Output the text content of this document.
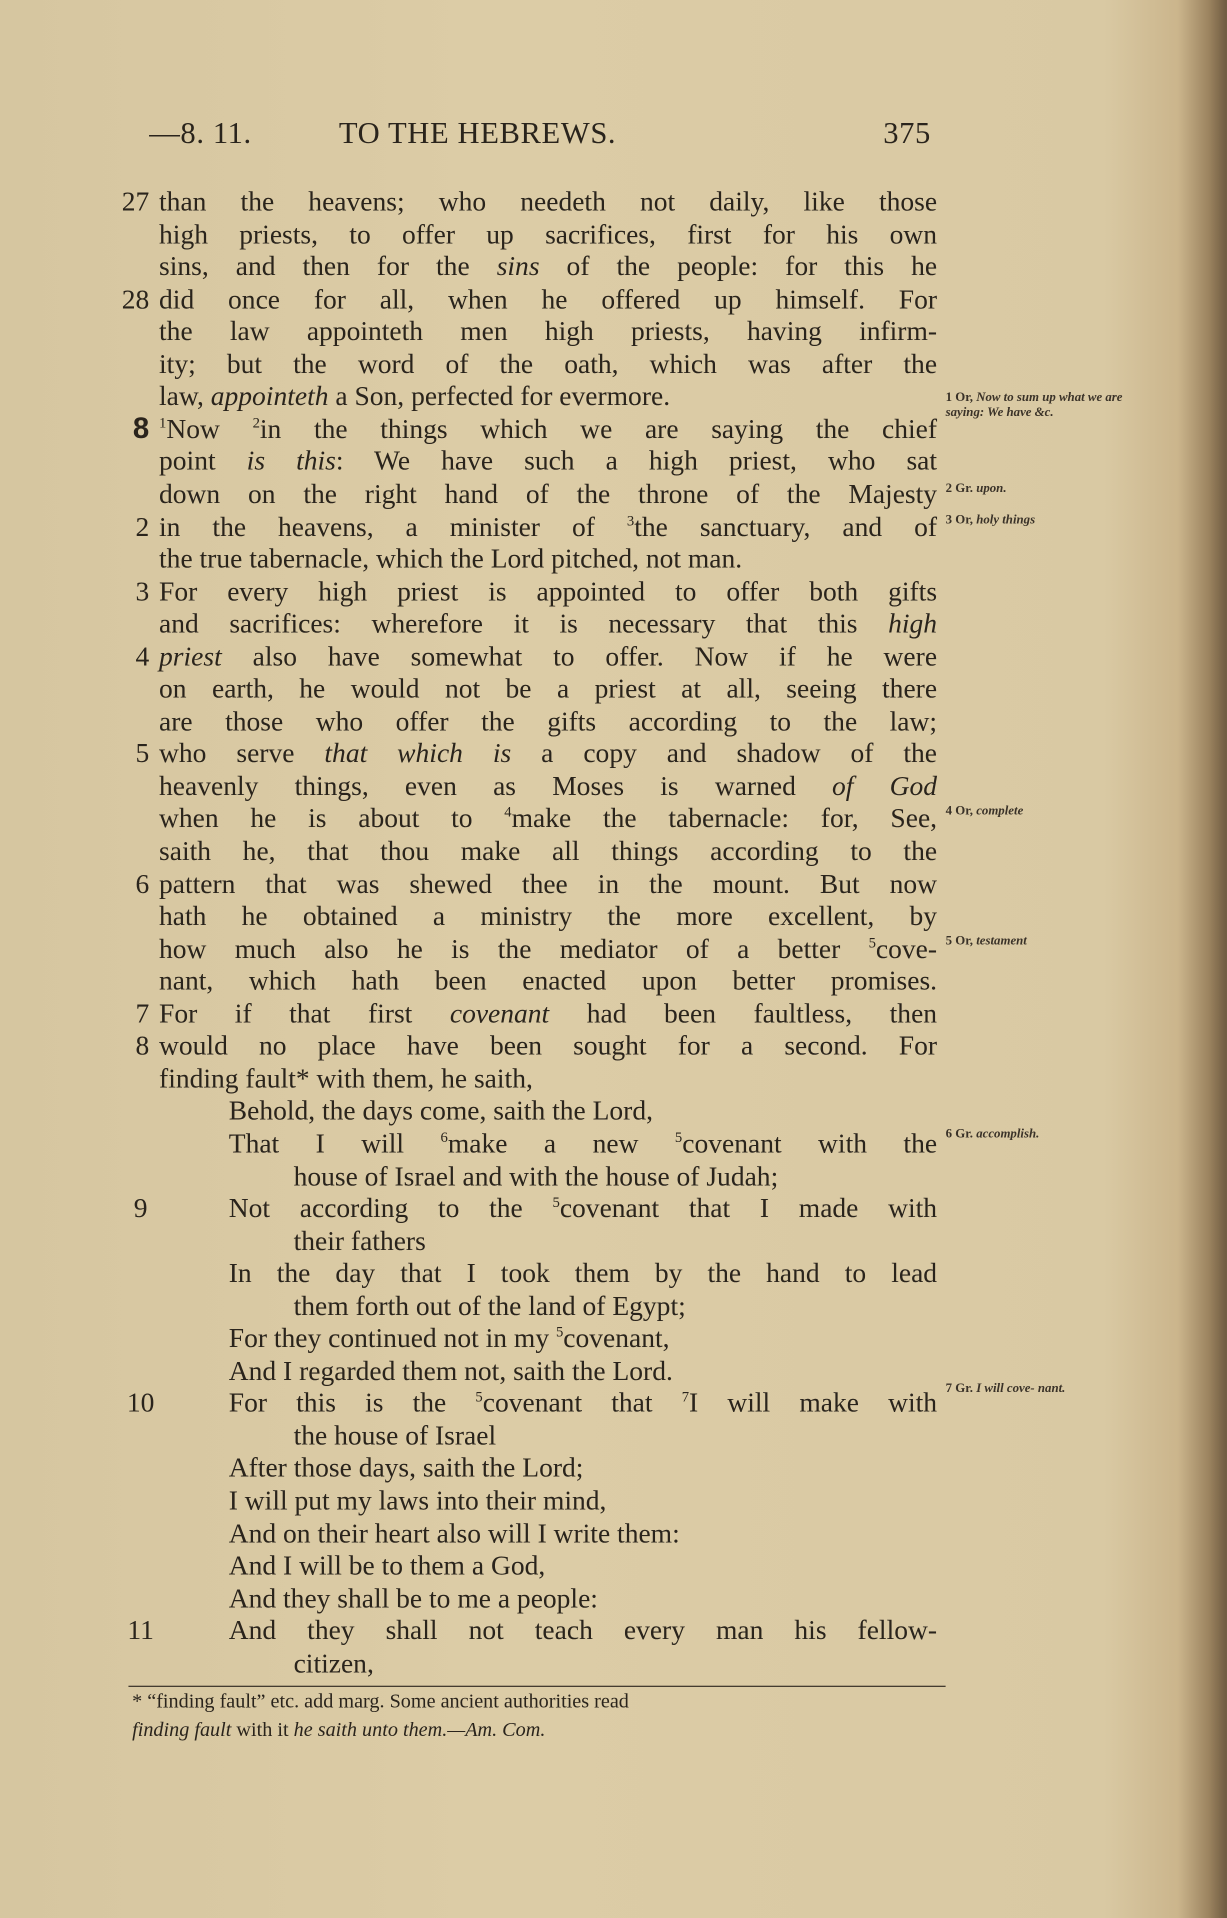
—8. 11.	TO THE HEBREWS.	375
than the heavens; who needeth not daily, like those
27
high priests, to offer up sacrifices, first for his own
sins, and then for the sins of the people: for this he
did once for all, when he offered up himself. For
28
the law appointeth men high priests, having infirm-
ity; but the word of the oath, which was after the
law, appointeth a Son, perfected for evermore.
$^1$Now $^2$in the things which we are saying the chief
8
point is this: We have such a high priest, who sat
down on the right hand of the throne of the Majesty
in the heavens, a minister of $^3$the sanctuary, and of
2
the true tabernacle, which the Lord pitched, not man.
For every high priest is appointed to offer both gifts
3
and sacrifices: wherefore it is necessary that this high
priest also have somewhat to offer. Now if he were
4
on earth, he would not be a priest at all, seeing there
are those who offer the gifts according to the law;
who serve that which is a copy and shadow of the
5
heavenly things, even as Moses is warned of God
when he is about to $^4$make the tabernacle: for, See,
saith he, that thou make all things according to the
pattern that was shewed thee in the mount. But now
6
hath he obtained a ministry the more excellent, by
how much also he is the mediator of a better $^5$cove-
nant, which hath been enacted upon better promises.
For if that first covenant had been faultless, then
7
would no place have been sought for a second. For
8
finding fault* with them, he saith,
Behold, the days come, saith the Lord,
That I will $^6$make a new $^5$covenant with the
house of Israel and with the house of Judah;
Not according to the $^5$covenant that I made with
9
their fathers
In the day that I took them by the hand to lead
them forth out of the land of Egypt;
For they continued not in my $^5$covenant,
And I regarded them not, saith the Lord.
For this is the $^5$covenant that $^7$I will make with
10
the house of Israel
After those days, saith the Lord;
I will put my laws into their mind,
And on their heart also will I write them:
And I will be to them a God,
And they shall be to me a people:
And they shall not teach every man his fellow-
11
citizen,
1 Or, Now to sum up what we are saying: We have &c.
2 Gr. upon.
3 Or, holy things
4 Or, complete
5 Or, testament
6 Gr. accomplish.
7 Gr. I will cove- nant.
* “finding fault” etc. add marg. Some ancient authorities read
finding fault with it he saith unto them.—Am. Com.
